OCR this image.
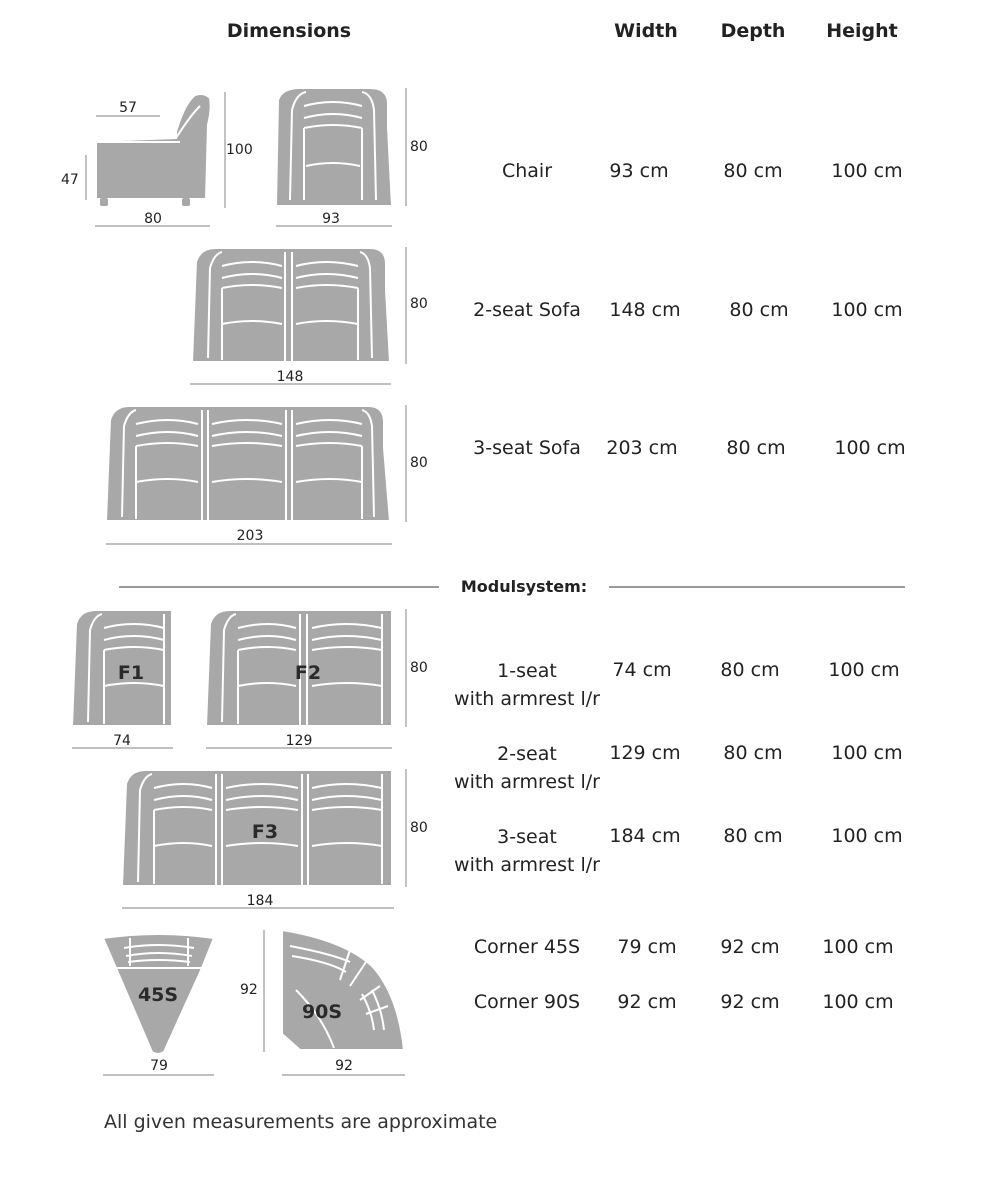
Dimensions	Width Depth Height
Chair	93 cm	80 cm	100 cm
2-seat Sofa 148 cm	80 cm 100 cm
3-seat Sofa 203 cm	80 cm	100 cm
Modulsystem:
1-seat
with armrest l/r
74 cm	80 cm	100 cm
2-seat
with armrest l/r
129 cm 80 cm	100 cm
3-seat
with armrest l/r
184 cm 80 cm	100 cm
Corner 45S 79 cm 92 cm 100 cm
Corner 90S 92 cm 92 cm 100 cm
57
100
47
80
80
93
80
148
80
203
F1
74
F2	80
129
F3	80
184
45S
79
90S
92
92
All given measurements are approximate
